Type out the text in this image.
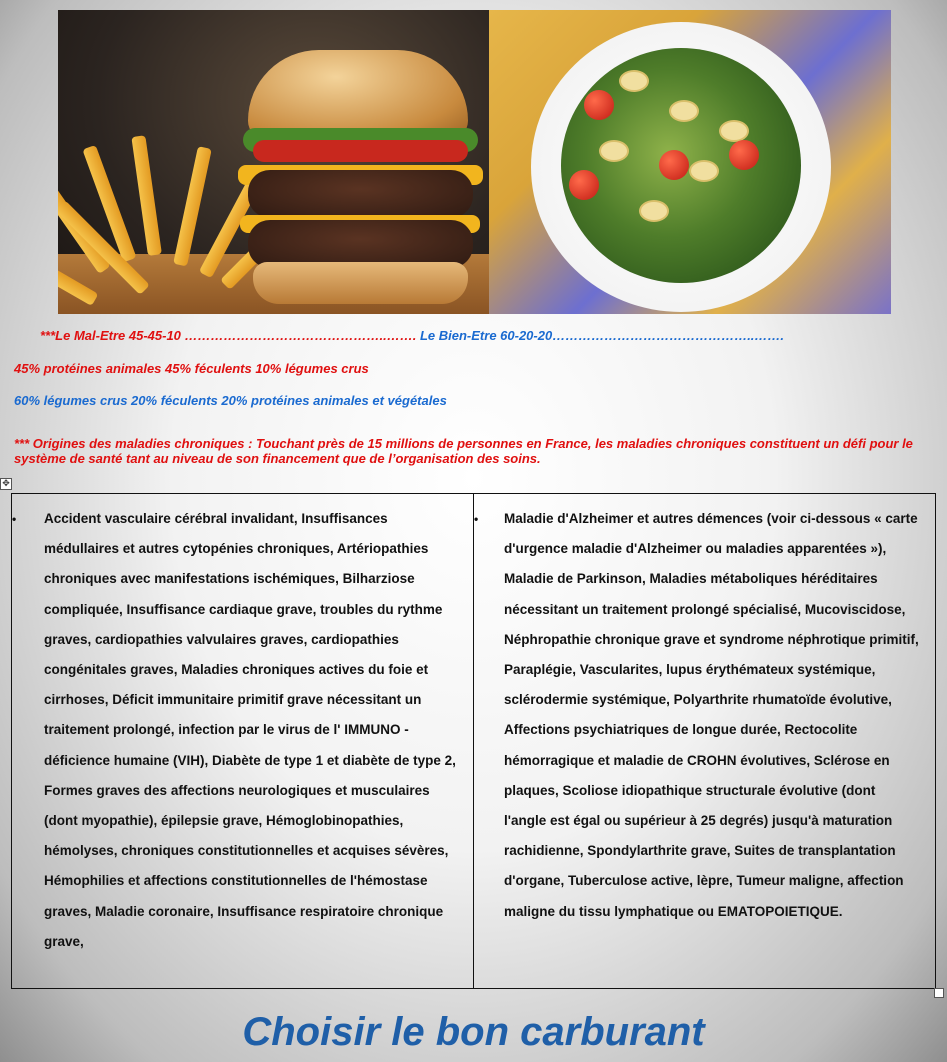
***Le Mal-Etre 45-45-10 ………………………………………..……. Le Bien-Etre 60-20-20………………………………………..…….
45% protéines animales 45% féculents 10% légumes crus
60% légumes crus 20% féculents 20% protéines animales et végétales
*** Origines des maladies chroniques : Touchant près de 15 millions de personnes en France, les maladies chroniques constituent un défi pour le système de santé tant au niveau de son financement que de l’organisation des soins.
✥
• Accident vasculaire cérébral invalidant, Insuffisances médullaires et autres cytopénies chroniques, Artériopathies chroniques avec manifestations ischémiques, Bilharziose compliquée, Insuffisance cardiaque grave, troubles du rythme graves, cardiopathies valvulaires graves, cardiopathies congénitales graves, Maladies chroniques actives du foie et cirrhoses, Déficit immunitaire primitif grave nécessitant un traitement prolongé, infection par le virus de l' IMMUNO - déficience humaine (VIH), Diabète de type 1 et diabète de type 2, Formes graves des affections neurologiques et musculaires (dont myopathie), épilepsie grave, Hémoglobinopathies, hémolyses, chroniques constitutionnelles et acquises sévères, Hémophilies et affections constitutionnelles de l'hémostase graves, Maladie coronaire, Insuffisance respiratoire chronique grave,
• Maladie d'Alzheimer et autres démences (voir ci-dessous « carte d'urgence maladie d'Alzheimer ou maladies apparentées »), Maladie de Parkinson, Maladies métaboliques héréditaires nécessitant un traitement prolongé spécialisé, Mucoviscidose, Néphropathie chronique grave et syndrome néphrotique primitif, Paraplégie, Vascularites, lupus érythémateux systémique, sclérodermie systémique, Polyarthrite rhumatoïde évolutive, Affections psychiatriques de longue durée, Rectocolite hémorragique et maladie de CROHN évolutives, Sclérose en plaques, Scoliose idiopathique structurale évolutive (dont l'angle est égal ou supérieur à 25 degrés) jusqu'à maturation rachidienne, Spondylarthrite grave, Suites de transplantation d'organe, Tuberculose active, lèpre, Tumeur maligne, affection maligne du tissu lymphatique ou EMATOPOIETIQUE.
Choisir le bon carburant
